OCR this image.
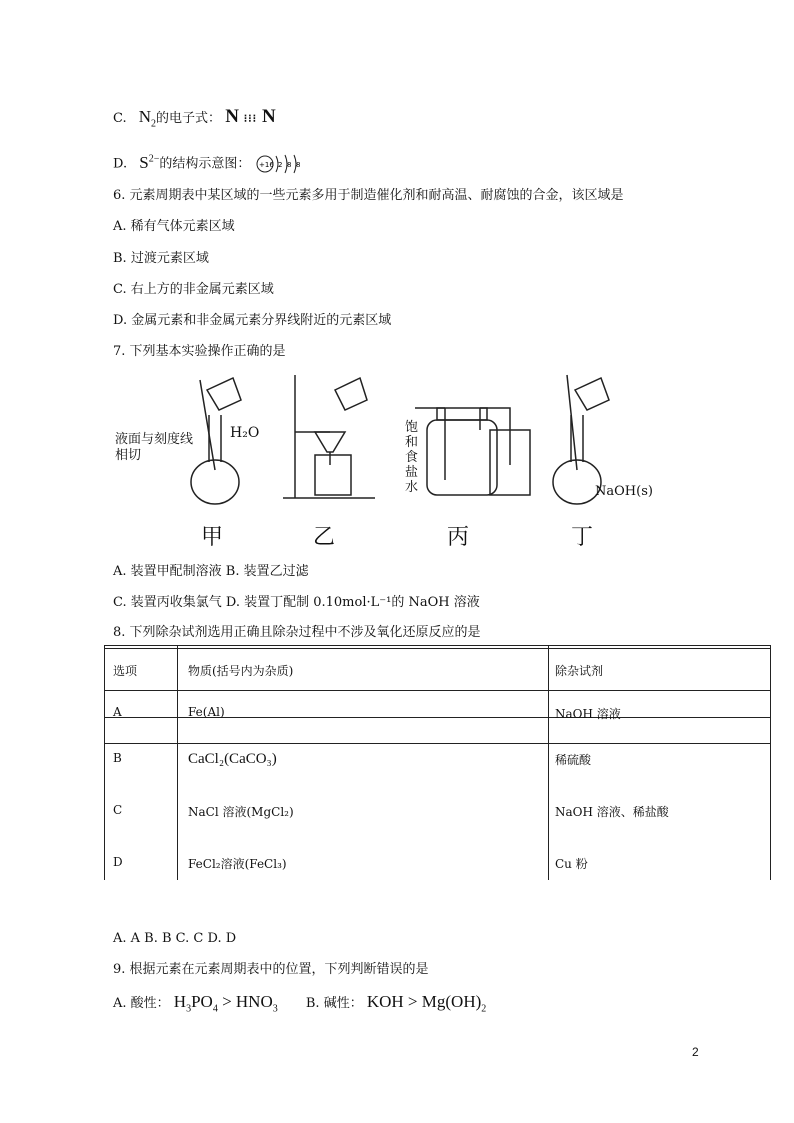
C. $N_2$的电子式： N ⁝⁝⁝ N
D. $S^{2-}$的结构示意图： +16 2 8 8
6. 元素周期表中某区域的一些元素多用于制造催化剂和耐高温、耐腐蚀的合金，该区域是
A. 稀有气体元素区域
B. 过渡元素区域
C. 右上方的非金属元素区域
D. 金属元素和非金属元素分界线附近的元素区域
7. 下列基本实验操作正确的是
液面与刻度线相切
H₂O	饱和食盐水	NaOH(s)
甲	乙	丙	丁
A. 装置甲配制溶液 B. 装置乙过滤
C. 装置丙收集氯气 D. 装置丁配制 0.10mol·L⁻¹的 NaOH 溶液
8. 下列除杂试剂选用正确且除杂过程中不涉及氧化还原反应的是
选项	物质(括号内为杂质)	除杂试剂
A	Fe(Al)	NaOH 溶液
B	CaCl₂(CaCO₃)	稀硫酸
C	NaCl 溶液(MgCl₂)	NaOH 溶液、稀盐酸
D	FeCl₂溶液(FeCl₃)	Cu 粉
A. A B. B C. C D. D
9. 根据元素在元素周期表中的位置，下列判断错误的是
A. 酸性： $H_3PO_4 > HNO_3$ B. 碱性： KOH > $Mg(OH)_2$
2
